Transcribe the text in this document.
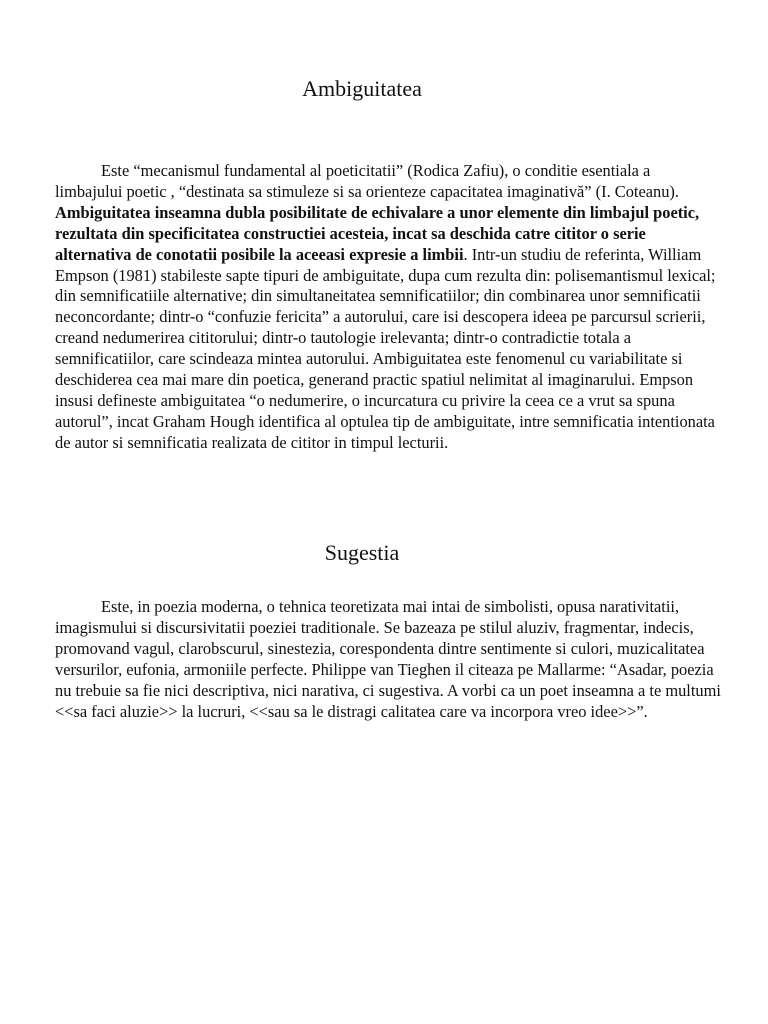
Ambiguitatea

Este “mecanismul fundamental al poeticitatii” (Rodica Zafiu), o conditie esentiala a limbajului poetic , “destinata sa stimuleze si sa orienteze capacitatea imaginativă” (I. Coteanu). Ambiguitatea inseamna dubla posibilitate de echivalare a unor elemente din limbajul poetic, rezultata din specificitatea constructiei acesteia, incat sa deschida catre cititor o serie alternativa de conotatii posibile la aceeasi expresie a limbii. Intr-un studiu de referinta, William Empson (1981) stabileste sapte tipuri de ambiguitate, dupa cum rezulta din: polisemantismul lexical; din semnificatiile alternative; din simultaneitatea semnificatiilor; din combinarea unor semnificatii neconcordante; dintr-o “confuzie fericita” a autorului, care isi descopera ideea pe parcursul scrierii, creand nedumerirea cititorului; dintr-o tautologie irelevanta; dintr-o contradictie totala a semnificatiilor, care scindeaza mintea autorului. Ambiguitatea este fenomenul cu variabilitate si deschiderea cea mai mare din poetica, generand practic spatiul nelimitat al imaginarului. Empson insusi defineste ambiguitatea “o nedumerire, o incurcatura cu privire la ceea ce a vrut sa spuna autorul”, incat Graham Hough identifica al optulea tip de ambiguitate, intre semnificatia intentionata de autor si semnificatia realizata de cititor in timpul lecturii.

Sugestia

Este, in poezia moderna, o tehnica teoretizata mai intai de simbolisti, opusa narativitatii, imagismului si discursivitatii poeziei traditionale. Se bazeaza pe stilul aluziv, fragmentar, indecis, promovand vagul, clarobscurul, sinestezia, corespondenta dintre sentimente si culori, muzicalitatea versurilor, eufonia, armoniile perfecte. Philippe van Tieghen il citeaza pe Mallarme: “Asadar, poezia nu trebuie sa fie nici descriptiva, nici narativa, ci sugestiva. A vorbi ca un poet inseamna a te multumi <<sa faci aluzie>> la lucruri, <<sau sa le distragi calitatea care va incorpora vreo idee>>”.
